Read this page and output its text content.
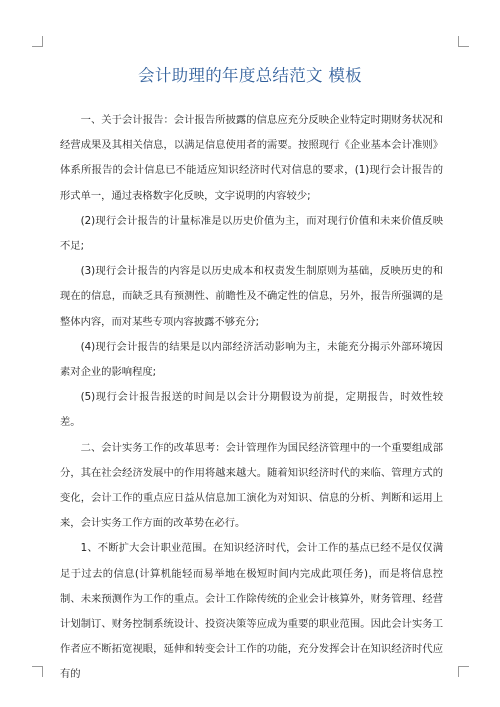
会计助理的年度总结范文 模板

一、关于会计报告：会计报告所披露的信息应充分反映企业特定时期财务状况和经营成果及其相关信息，以满足信息使用者的需要。按照现行《企业基本会计准则》体系所报告的会计信息已不能适应知识经济时代对信息的要求，(1)现行会计报告的形式单一，通过表格数字化反映，文字说明的内容较少;

(2)现行会计报告的计量标准是以历史价值为主，而对现行价值和未来价值反映不足;

(3)现行会计报告的内容是以历史成本和权责发生制原则为基础，反映历史的和现在的信息，而缺乏具有预测性、前瞻性及不确定性的信息，另外，报告所强调的是整体内容，而对某些专项内容披露不够充分;

(4)现行会计报告的结果是以内部经济活动影响为主，未能充分揭示外部环境因素对企业的影响程度;

(5)现行会计报告报送的时间是以会计分期假设为前提，定期报告，时效性较差。

二、会计实务工作的改革思考：会计管理作为国民经济管理中的一个重要组成部分，其在社会经济发展中的作用将越来越大。随着知识经济时代的来临、管理方式的变化，会计工作的重点应日益从信息加工演化为对知识、信息的分析、判断和运用上来，会计实务工作方面的改革势在必行。

1、不断扩大会计职业范围。在知识经济时代，会计工作的基点已经不是仅仅满足于过去的信息(计算机能轻而易举地在极短时间内完成此项任务)，而是将信息控制、未来预测作为工作的重点。会计工作除传统的企业会计核算外，财务管理、经营计划制订、财务控制系统设计、投资决策等应成为重要的职业范围。因此会计实务工作者应不断拓宽视眼，延伸和转变会计工作的功能，充分发挥会计在知识经济时代应有的
